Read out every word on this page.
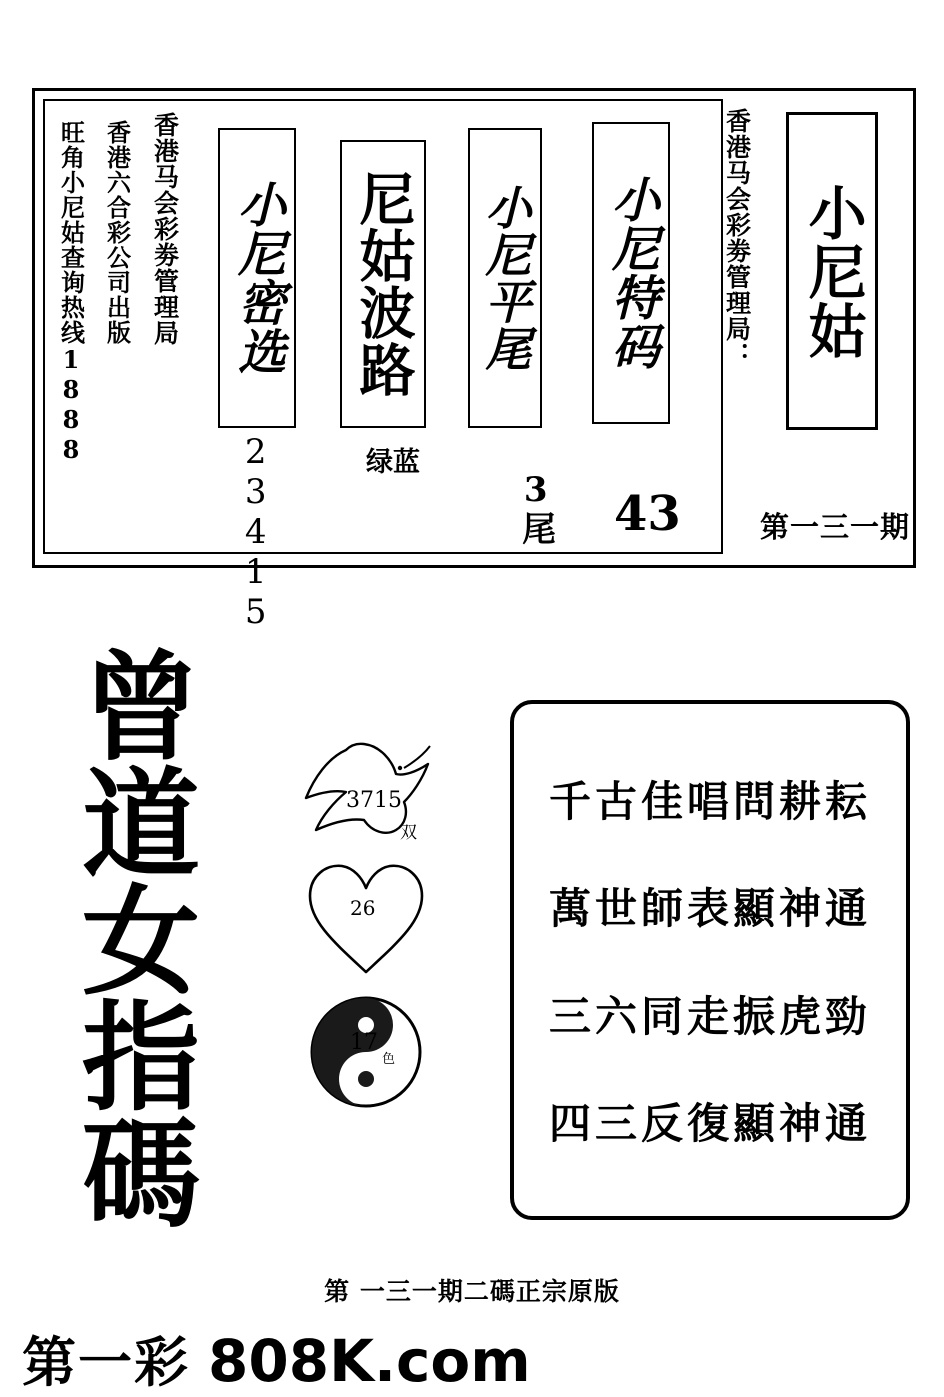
旺角小尼姑查询热线1888 香港六合彩公司出版 香港马会彩劵管理局 小尼密选
23415
尼姑波路
绿蓝
小尼平尾
3尾
小尼特码
43
香港马会彩劵管理局： 小尼姑
第一三一期
曾
道
女
指
碼
3715
双
26
17
色
千古佳唱問耕耘
萬世師表顯神通
三六同走振虎勁
四三反復顯神通
第 一三一期二碼正宗原版
第一彩 808K.com
